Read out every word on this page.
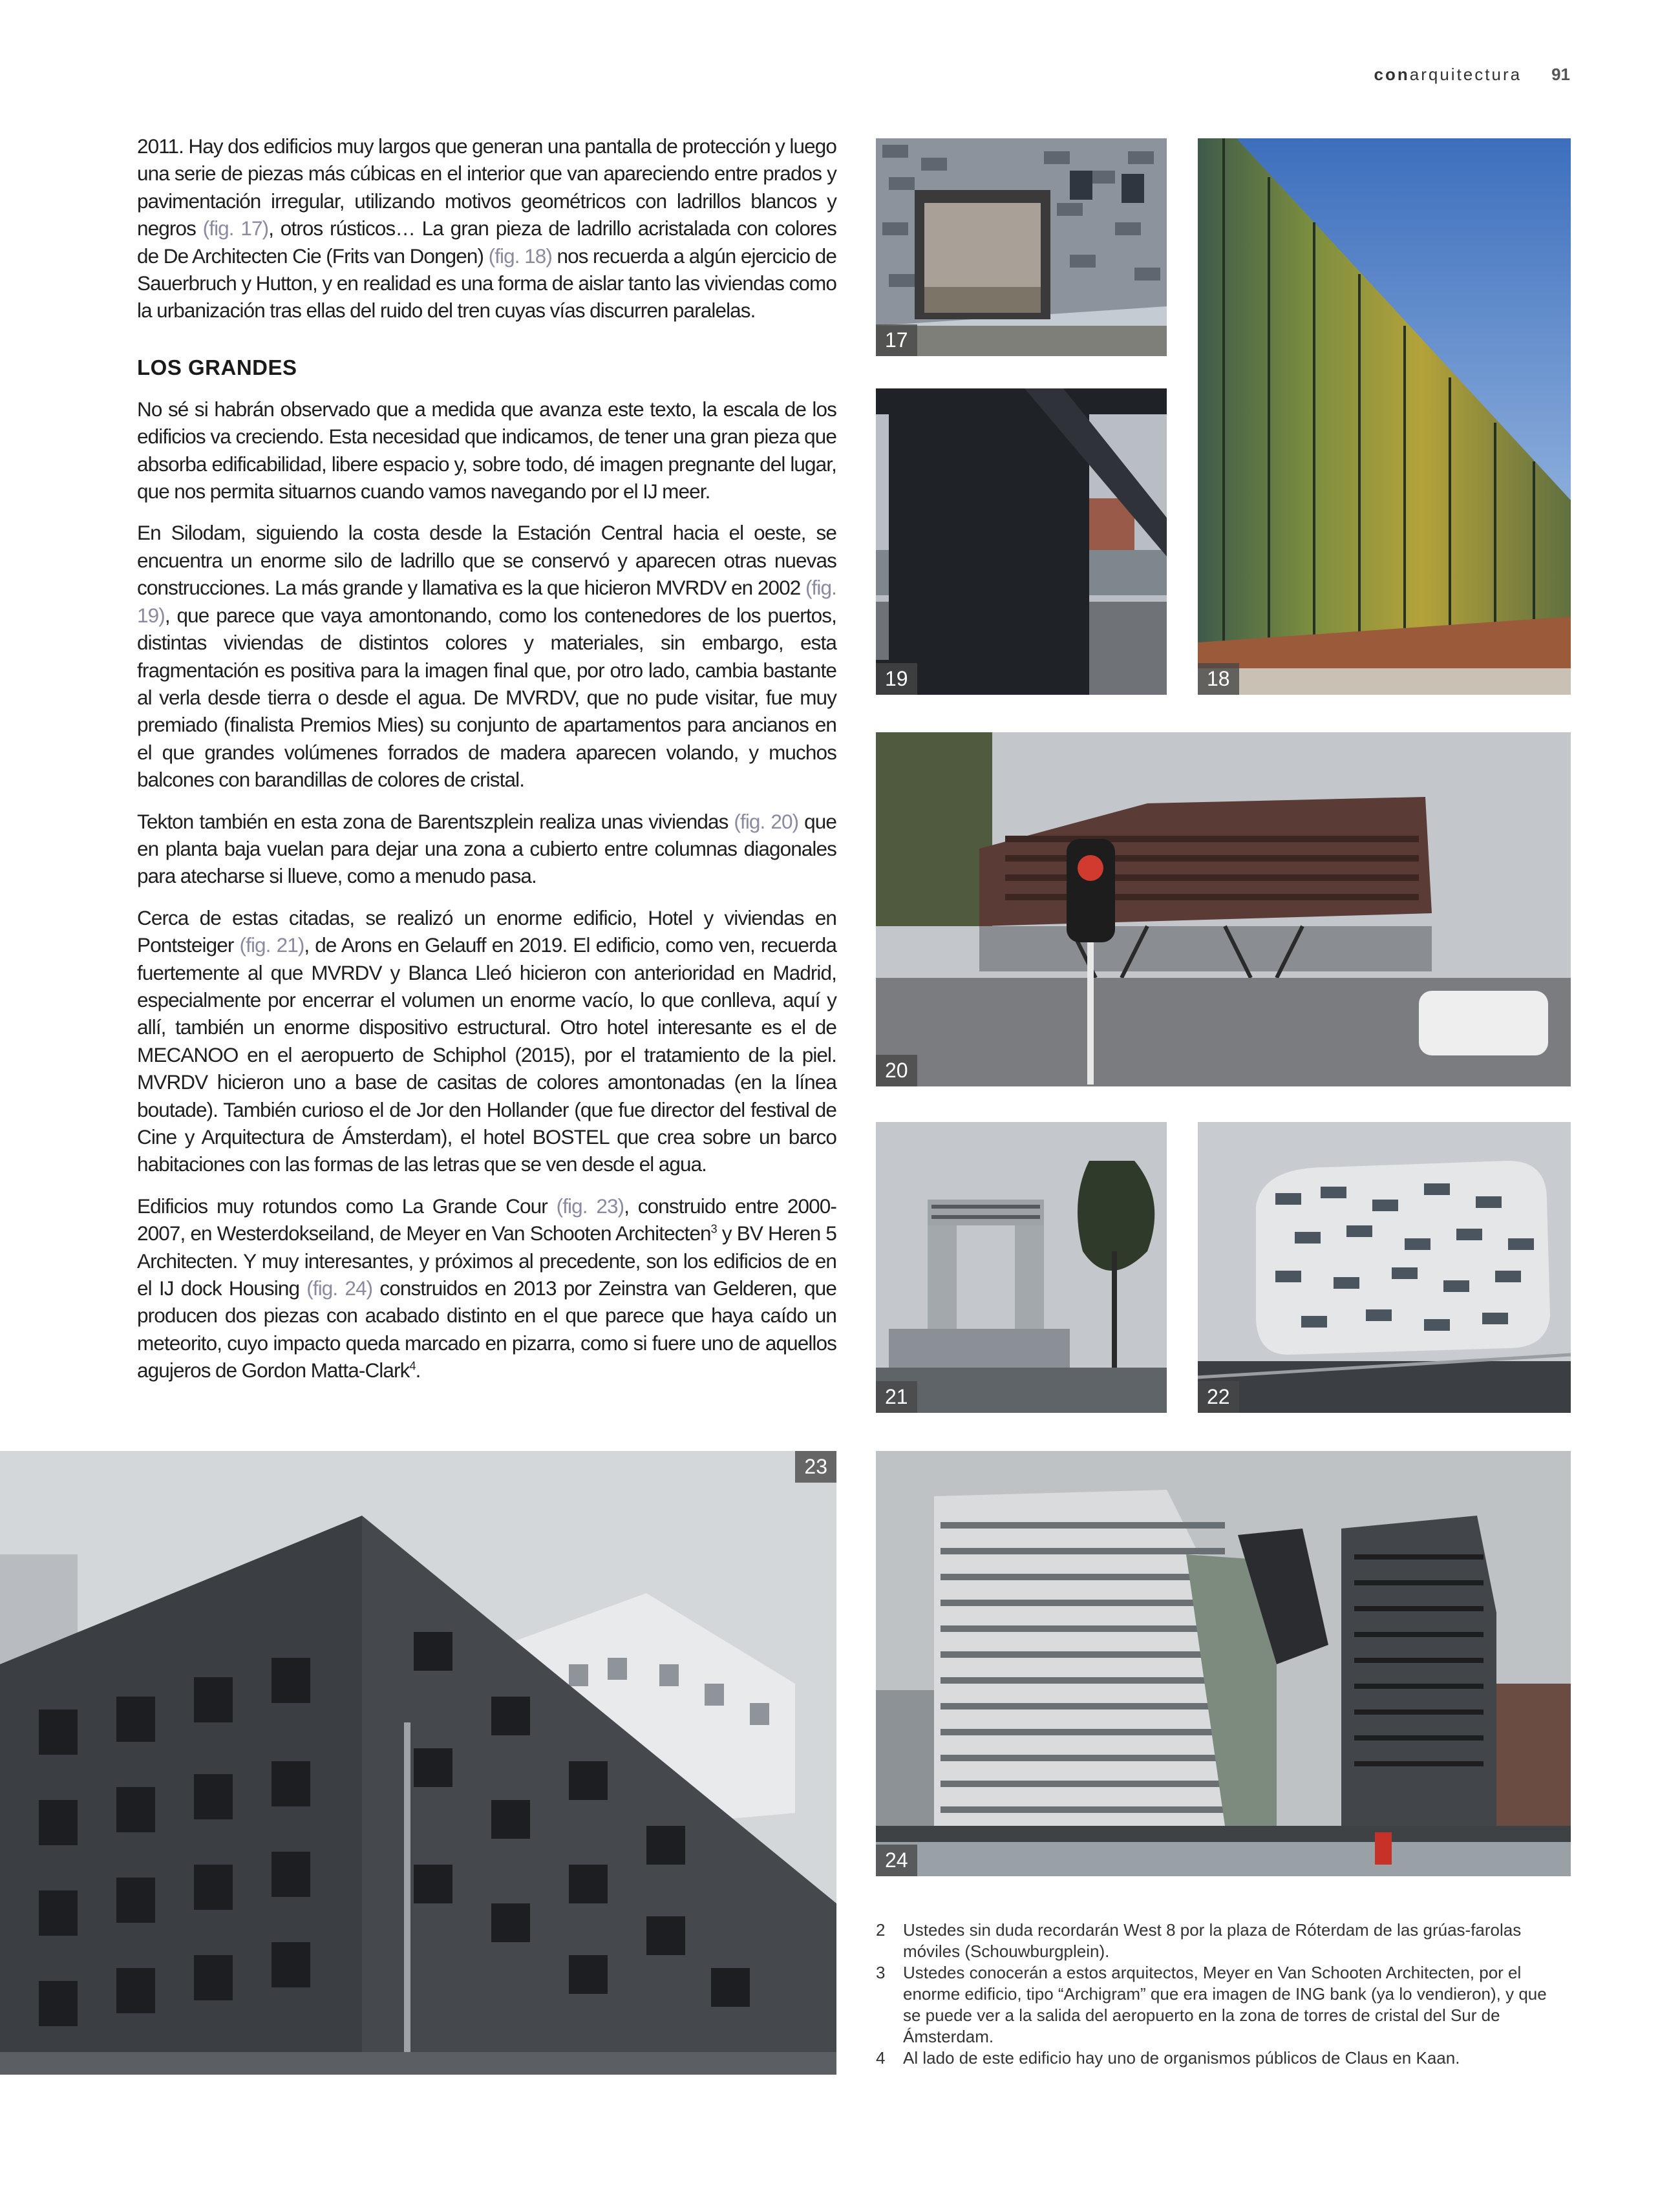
conarquitectura 91

2011. Hay dos edificios muy largos que generan una pantalla de protección y luego una serie de piezas más cúbicas en el interior que van apareciendo entre prados y pavimentación irregular, utilizando motivos geométricos con ladrillos blancos y negros (fig. 17), otros rústicos… La gran pieza de ladrillo acristalada con colores de De Architecten Cie (Frits van Dongen) (fig. 18) nos recuerda a algún ejercicio de Sauerbruch y Hutton, y en realidad es una forma de aislar tanto las viviendas como la urbanización tras ellas del ruido del tren cuyas vías discurren paralelas.

LOS GRANDES

No sé si habrán observado que a medida que avanza este texto, la escala de los edificios va creciendo. Esta necesidad que indicamos, de tener una gran pieza que absorba edificabilidad, libere espacio y, sobre todo, dé imagen pregnante del lugar, que nos permita situarnos cuando vamos navegando por el IJ meer.

En Silodam, siguiendo la costa desde la Estación Central hacia el oeste, se encuentra un enorme silo de ladrillo que se conservó y aparecen otras nuevas construcciones. La más grande y llamativa es la que hicieron MVRDV en 2002 (fig. 19), que parece que vaya amontonando, como los contenedores de los puertos, distintas viviendas de distintos colores y materiales, sin embargo, esta fragmentación es positiva para la imagen final que, por otro lado, cambia bastante al verla desde tierra o desde el agua. De MVRDV, que no pude visitar, fue muy premiado (finalista Premios Mies) su conjunto de apartamentos para ancianos en el que grandes volúmenes forrados de madera aparecen volando, y muchos balcones con barandillas de colores de cristal.

Tekton también en esta zona de Barentszplein realiza unas viviendas (fig. 20) que en planta baja vuelan para dejar una zona a cubierto entre columnas diagonales para atecharse si llueve, como a menudo pasa.

Cerca de estas citadas, se realizó un enorme edificio, Hotel y viviendas en Pontsteiger (fig. 21), de Arons en Gelauff en 2019. El edificio, como ven, recuerda fuertemente al que MVRDV y Blanca Lleó hicieron con anterioridad en Madrid, especialmente por encerrar el volumen un enorme vacío, lo que conlleva, aquí y allí, también un enorme dispositivo estructural. Otro hotel interesante es el de MECANOO en el aeropuerto de Schiphol (2015), por el tratamiento de la piel. MVRDV hicieron uno a base de casitas de colores amontonadas (en la línea boutade). También curioso el de Jor den Hollander (que fue director del festival de Cine y Arquitectura de Ámsterdam), el hotel BOSTEL que crea sobre un barco habitaciones con las formas de las letras que se ven desde el agua.

Edificios muy rotundos como La Grande Cour (fig. 23), construido entre 2000-2007, en Westerdokseiland, de Meyer en Van Schooten Architecten$^3$ y BV Heren 5 Architecten. Y muy interesantes, y próximos al precedente, son los edificios de en el IJ dock Housing (fig. 24) construidos en 2013 por Zeinstra van Gelderen, que producen dos piezas con acabado distinto en el que parece que haya caído un meteorito, cuyo impacto queda marcado en pizarra, como si fuere uno de aquellos agujeros de Gordon Matta-Clark$^4$.

17
18
19
20
21	22
23
24
2	Ustedes sin duda recordarán West 8 por la plaza de Róterdam de las grúas-farolas móviles (Schouwburgplein).
3	Ustedes conocerán a estos arquitectos, Meyer en Van Schooten Architecten, por el enorme edificio, tipo “Archigram” que era imagen de ING bank (ya lo vendieron), y que se puede ver a la salida del aeropuerto en la zona de torres de cristal del Sur de Ámsterdam.
4	Al lado de este edificio hay uno de organismos públicos de Claus en Kaan.
